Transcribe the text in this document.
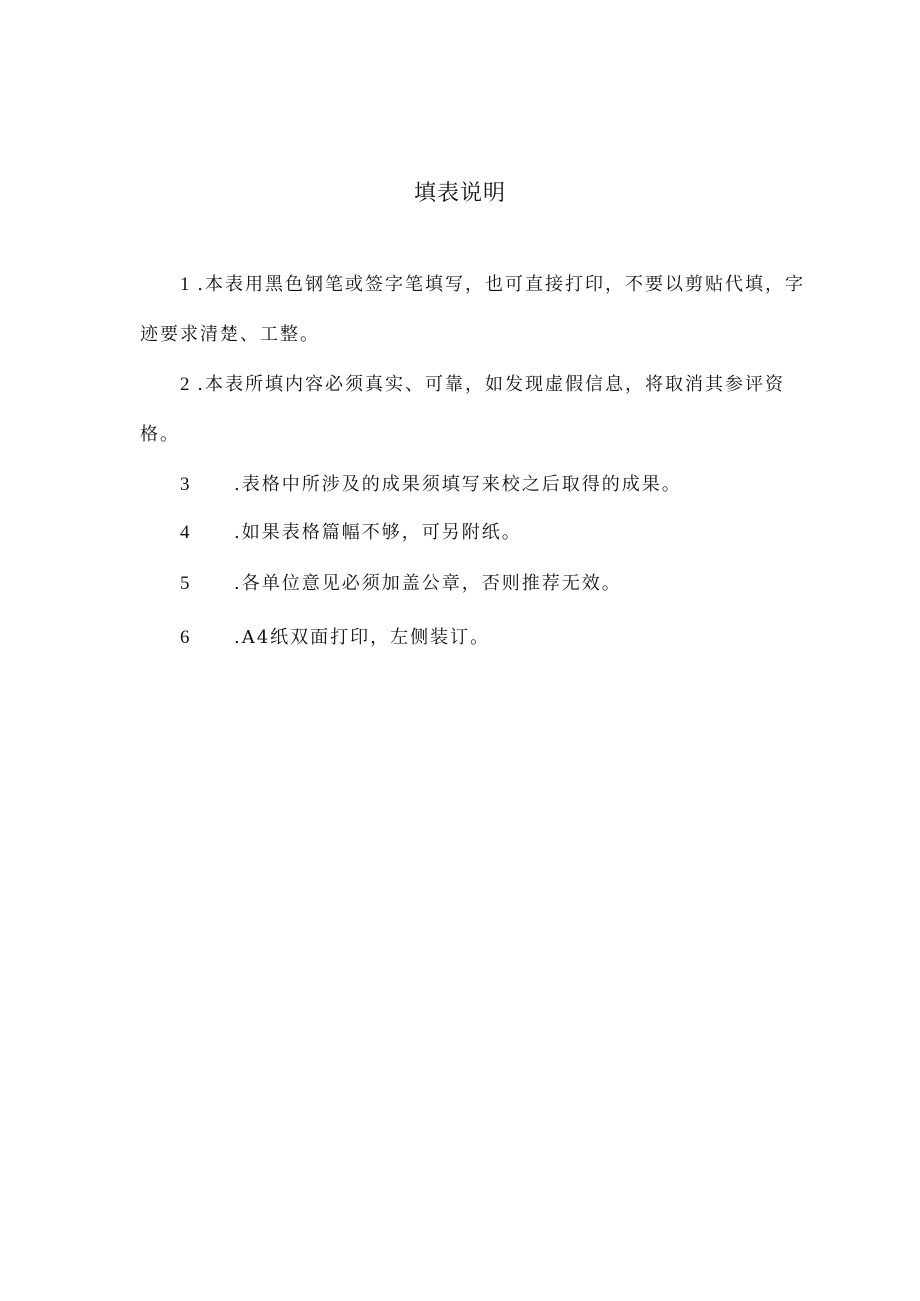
填表说明
1 .本表用黑色钢笔或签字笔填写，也可直接打印，不要以剪贴代填，字迹要求清楚、工整。
2 .本表所填内容必须真实、可靠，如发现虚假信息，将取消其参评资格。
3 .表格中所涉及的成果须填写来校之后取得的成果。
4 .如果表格篇幅不够，可另附纸。
5 .各单位意见必须加盖公章，否则推荐无效。
6 .A4纸双面打印，左侧装订。
